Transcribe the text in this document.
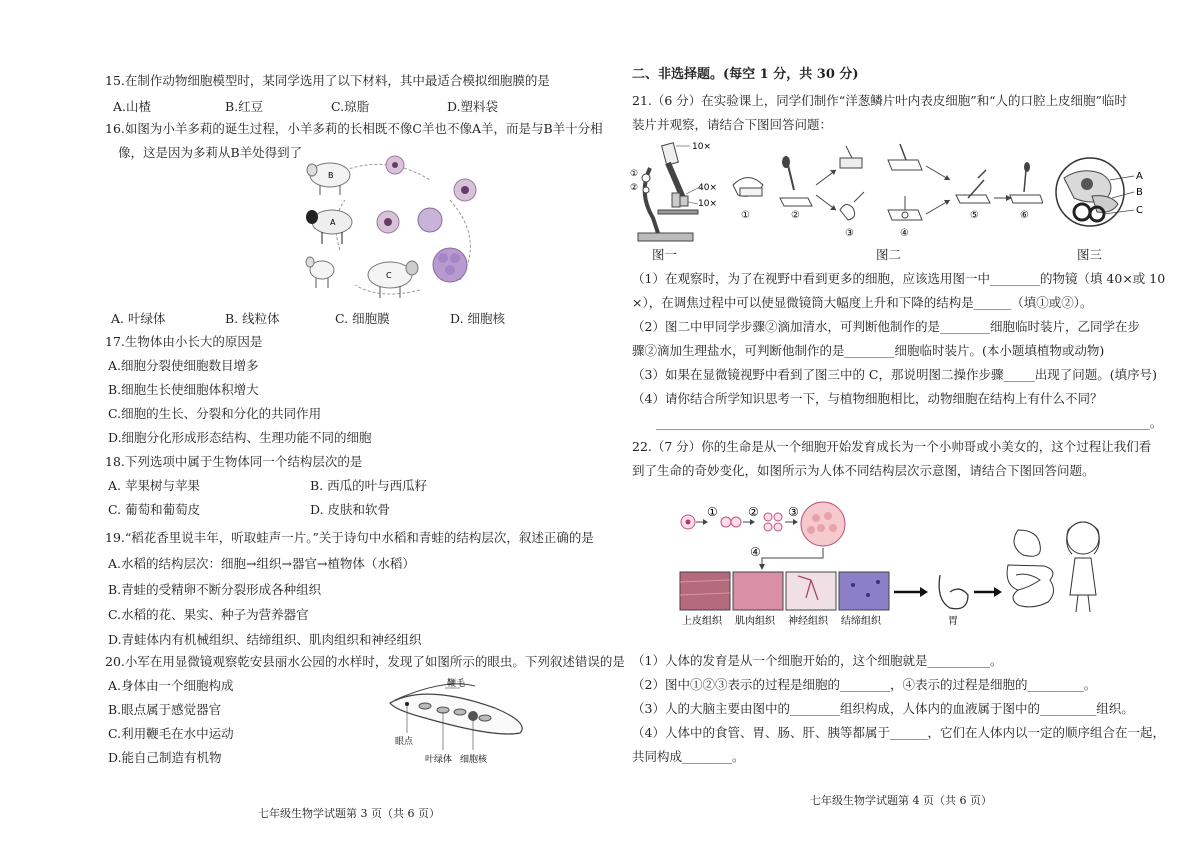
15.在制作动物细胞模型时，某同学选用了以下材料，其中最适合模拟细胞膜的是
A.山楂	B.红豆	C.琼脂	D.塑料袋
16.如图为小羊多莉的诞生过程，小羊多莉的长相既不像C羊也不像A羊，而是与B羊十分相
像，这是因为多莉从B羊处得到了
B
A
C
A. 叶绿体	B. 线粒体	C. 细胞膜	D. 细胞核
17.生物体由小长大的原因是
A.细胞分裂使细胞数目增多
B.细胞生长使细胞体积增大
C.细胞的生长、分裂和分化的共同作用
D.细胞分化形成形态结构、生理功能不同的细胞
18.下列选项中属于生物体同一个结构层次的是
A. 苹果树与苹果	B. 西瓜的叶与西瓜籽
C. 葡萄和葡萄皮	D. 皮肤和软骨
19.“稻花香里说丰年，听取蛙声一片。”关于诗句中水稻和青蛙的结构层次，叙述正确的是
A.水稻的结构层次：细胞→组织→器官→植物体（水稻）
B.青蛙的受精卵不断分裂形成各种组织
C.水稻的花、果实、种子为营养器官
D.青蛙体内有机械组织、结缔组织、肌肉组织和神经组织
20.小军在用显微镜观察乾安县丽水公园的水样时，发现了如图所示的眼虫。下列叙述错误的是
A.身体由一个细胞构成
B.眼点属于感觉器官
C.利用鞭毛在水中运动
D.能自己制造有机物
鞭毛
眼点
叶绿体 细胞核
七年级生物学试题第 3 页（共 6 页）
二、非选择题。(每空 1 分，共 30 分)
21.（6 分）在实验课上，同学们制作“洋葱鳞片叶内表皮细胞”和“人的口腔上皮细胞”临时
装片并观察，请结合下图回答问题：
10×
40×
10×
①
②
图一
①	②
③	④
⑤	⑥
图二
A
B
C
图三
（1）在观察时，为了在视野中看到更多的细胞，应该选用图一中________的物镜（填 40×或 10
×），在调焦过程中可以使显微镜筒大幅度上升和下降的结构是______（填①或②）。
（2）图二中甲同学步骤②滴加清水，可判断他制作的是________细胞临时装片，乙同学在步
骤②滴加生理盐水，可判断他制作的是________细胞临时装片。(本小题填植物或动物)
（3）如果在显微镜视野中看到了图三中的 C，那说明图二操作步骤_____出现了问题。(填序号)
（4）请你结合所学知识思考一下，与植物细胞相比，动物细胞在结构上有什么不同？
_______________________________________________________________________________。
22.（7 分）你的生命是从一个细胞开始发育成长为一个小帅哥或小美女的，这个过程让我们看
到了生命的奇妙变化，如图所示为人体不同结构层次示意图，请结合下图回答问题。
①	② ③
④
上皮组织 肌肉组织 神经组织 结缔组织	胃
（1）人体的发育是从一个细胞开始的，这个细胞就是__________。
（2）图中①②③表示的过程是细胞的________，④表示的过程是细胞的_________。
（3）人的大脑主要由图中的________组织构成，人体内的血液属于图中的_________组织。
（4）人体中的食管、胃、肠、肝、胰等都属于______，它们在人体内以一定的顺序组合在一起，
共同构成________。
七年级生物学试题第 4 页（共 6 页）
